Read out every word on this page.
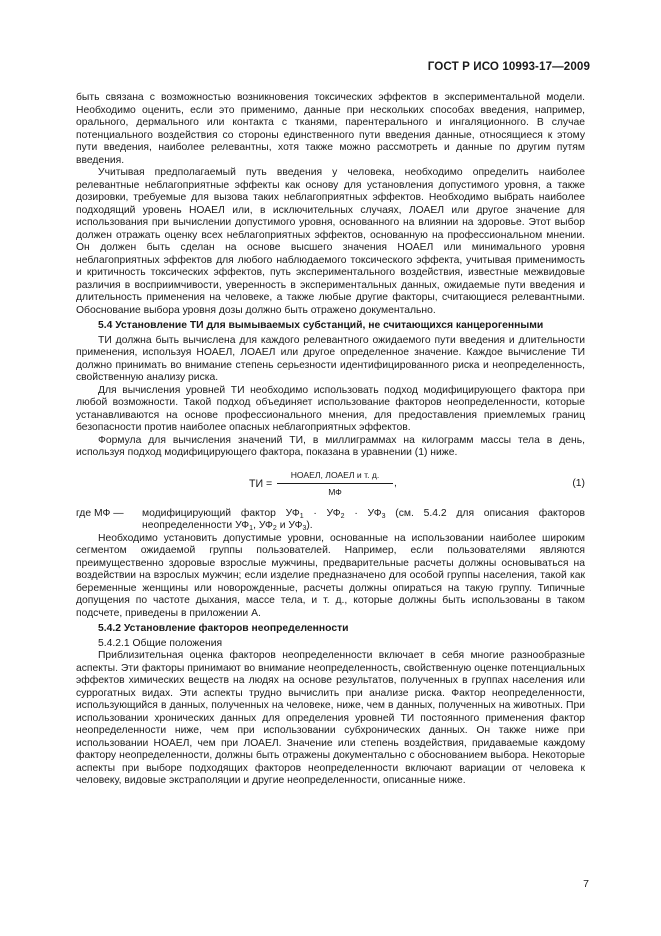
ГОСТ Р ИСО 10993-17—2009

быть связана с возможностью возникновения токсических эффектов в экспериментальной модели. Необходимо оценить, если это применимо, данные при нескольких способах введения, например, орального, дермального или контакта с тканями, парентерального и ингаляционного. В случае потенциального воздействия со стороны единственного пути введения данные, относящиеся к этому пути введения, наиболее релевантны, хотя также можно рассмотреть и данные по другим путям введения.

Учитывая предполагаемый путь введения у человека, необходимо определить наиболее релевантные неблагоприятные эффекты как основу для установления допустимого уровня, а также дозировки, требуемые для вызова таких неблагоприятных эффектов. Необходимо выбрать наиболее подходящий уровень НОАЕЛ или, в исключительных случаях, ЛОАЕЛ или другое значение для использования при вычислении допустимого уровня, основанного на влиянии на здоровье. Этот выбор должен отражать оценку всех неблагоприятных эффектов, основанную на профессиональном мнении. Он должен быть сделан на основе высшего значения НОАЕЛ или минимального уровня неблагоприятных эффектов для любого наблюдаемого токсического эффекта, учитывая применимость и критичность токсических эффектов, путь экспериментального воздействия, известные межвидовые различия в восприимчивости, уверенность в экспериментальных данных, ожидаемые пути введения и длительность применения на человеке, а также любые другие факторы, считающиеся релевантными. Обоснование выбора уровня дозы должно быть отражено документально.

5.4 Установление ТИ для вымываемых субстанций, не считающихся канцерогенными

ТИ должна быть вычислена для каждого релевантного ожидаемого пути введения и длительности применения, используя НОАЕЛ, ЛОАЕЛ или другое определенное значение. Каждое вычисление ТИ должно принимать во внимание степень серьезности идентифицированного риска и неопределенность, свойственную анализу риска.

Для вычисления уровней ТИ необходимо использовать подход модифицирующего фактора при любой возможности. Такой подход объединяет использование факторов неопределенности, которые устанавливаются на основе профессионального мнения, для предоставления приемлемых границ безопасности против наиболее опасных неблагоприятных эффектов.

Формула для вычисления значений ТИ, в миллиграммах на килограмм массы тела в день, используя подход модифицирующего фактора, показана в уравнении (1) ниже.

ТИ =
НОАЕЛ, ЛОАЕЛ и т. д.
МФ
,	(1)
где МФ —	модифицирующий фактор $УФ_1 \cdot УФ_2 \cdot УФ_3$ (см. 5.4.2 для описания факторов неопределенности $УФ_1$, $УФ_2$ и $УФ_3$).

Необходимо установить допустимые уровни, основанные на использовании наиболее широким сегментом ожидаемой группы пользователей. Например, если пользователями являются преимущественно здоровые взрослые мужчины, предварительные расчеты должны основываться на воздействии на взрослых мужчин; если изделие предназначено для особой группы населения, такой как беременные женщины или новорожденные, расчеты должны опираться на такую группу. Типичные допущения по частоте дыхания, массе тела, и т. д., которые должны быть использованы в таком подсчете, приведены в приложении А.

5.4.2 Установление факторов неопределенности

5.4.2.1 Общие положения

Приблизительная оценка факторов неопределенности включает в себя многие разнообразные аспекты. Эти факторы принимают во внимание неопределенность, свойственную оценке потенциальных эффектов химических веществ на людях на основе результатов, полученных в группах населения или суррогатных видах. Эти аспекты трудно вычислить при анализе риска. Фактор неопределенности, использующийся в данных, полученных на человеке, ниже, чем в данных, полученных на животных. При использовании хронических данных для определения уровней ТИ постоянного применения фактор неопределенности ниже, чем при использовании субхронических данных. Он также ниже при использовании НОАЕЛ, чем при ЛОАЕЛ. Значение или степень воздействия, придаваемые каждому фактору неопределенности, должны быть отражены документально с обоснованием выбора. Некоторые аспекты при выборе подходящих факторов неопределенности включают вариации от человека к человеку, видовые экстраполяции и другие неопределенности, описанные ниже.

7
